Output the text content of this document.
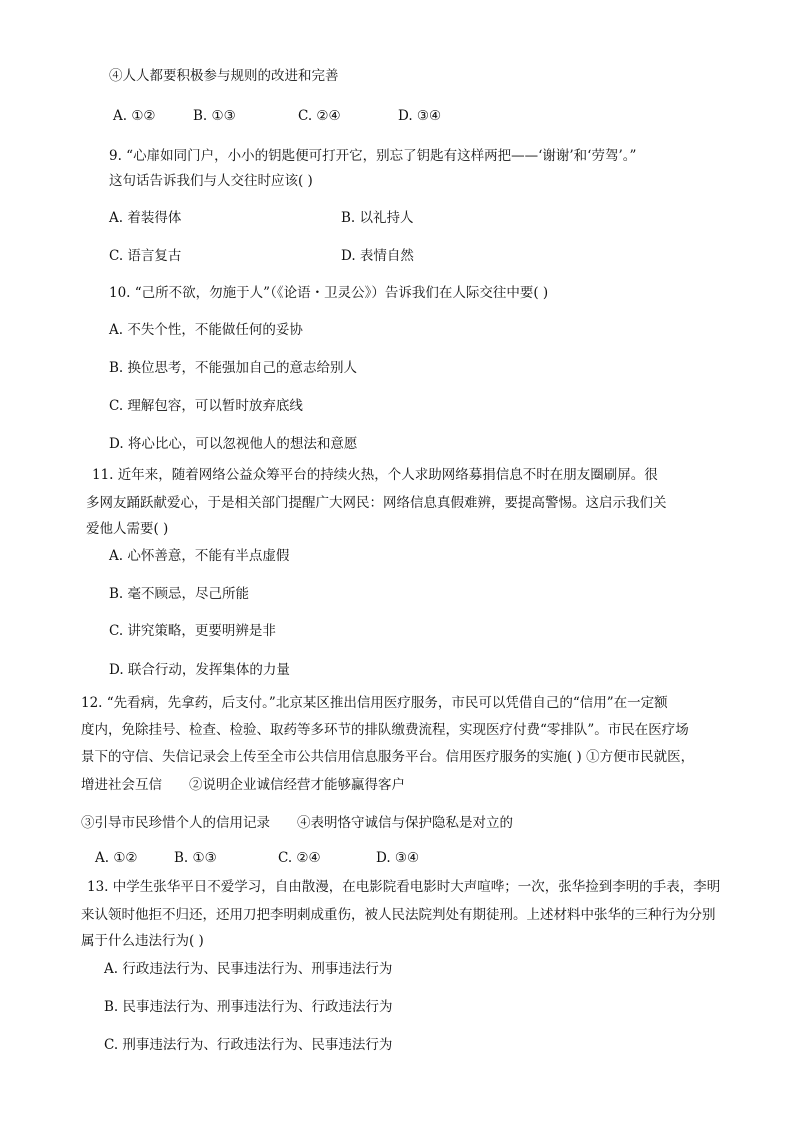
④人人都要积极参与规则的改进和完善
A. ①②	B. ①③	C. ②④	D. ③④
9. “心扉如同门户，小小的钥匙便可打开它，别忘了钥匙有这样两把——‘谢谢’和‘劳驾’。”
这句话告诉我们与人交往时应该( )
A. 着装得体	B. 以礼持人
C. 语言复古	D. 表情自然
10. “己所不欲，勿施于人”（《论语・卫灵公》）告诉我们在人际交往中要( )
A. 不失个性，不能做任何的妥协
B. 换位思考，不能强加自己的意志给别人
C. 理解包容，可以暂时放弃底线
D. 将心比心，可以忽视他人的想法和意愿
11. 近年来，随着网络公益众筹平台的持续火热，个人求助网络募捐信息不时在朋友圈刷屏。很
多网友踊跃献爱心，于是相关部门提醒广大网民：网络信息真假难辨，要提高警惕。这启示我们关
爱他人需要( )
A. 心怀善意，不能有半点虚假
B. 毫不顾忌，尽己所能
C. 讲究策略，更要明辨是非
D. 联合行动，发挥集体的力量
12. “先看病，先拿药，后支付。”北京某区推出信用医疗服务，市民可以凭借自己的“信用”在一定额
度内，免除挂号、检查、检验、取药等多环节的排队缴费流程，实现医疗付费“零排队”。市民在医疗场
景下的守信、失信记录会上传至全市公共信用信息服务平台。信用医疗服务的实施( ) ①方便市民就医，
增进社会互信　　②说明企业诚信经营才能够赢得客户
③引导市民珍惜个人的信用记录　　④表明恪守诚信与保护隐私是对立的
A. ①②	B. ①③	C. ②④	D. ③④
13. 中学生张华平日不爱学习，自由散漫，在电影院看电影时大声喧哗；一次，张华捡到李明的手表，李明
来认领时他拒不归还，还用刀把李明刺成重伤，被人民法院判处有期徒刑。上述材料中张华的三种行为分别
属于什么违法行为( )
A. 行政违法行为、民事违法行为、刑事违法行为
B. 民事违法行为、刑事违法行为、行政违法行为
C. 刑事违法行为、行政违法行为、民事违法行为
